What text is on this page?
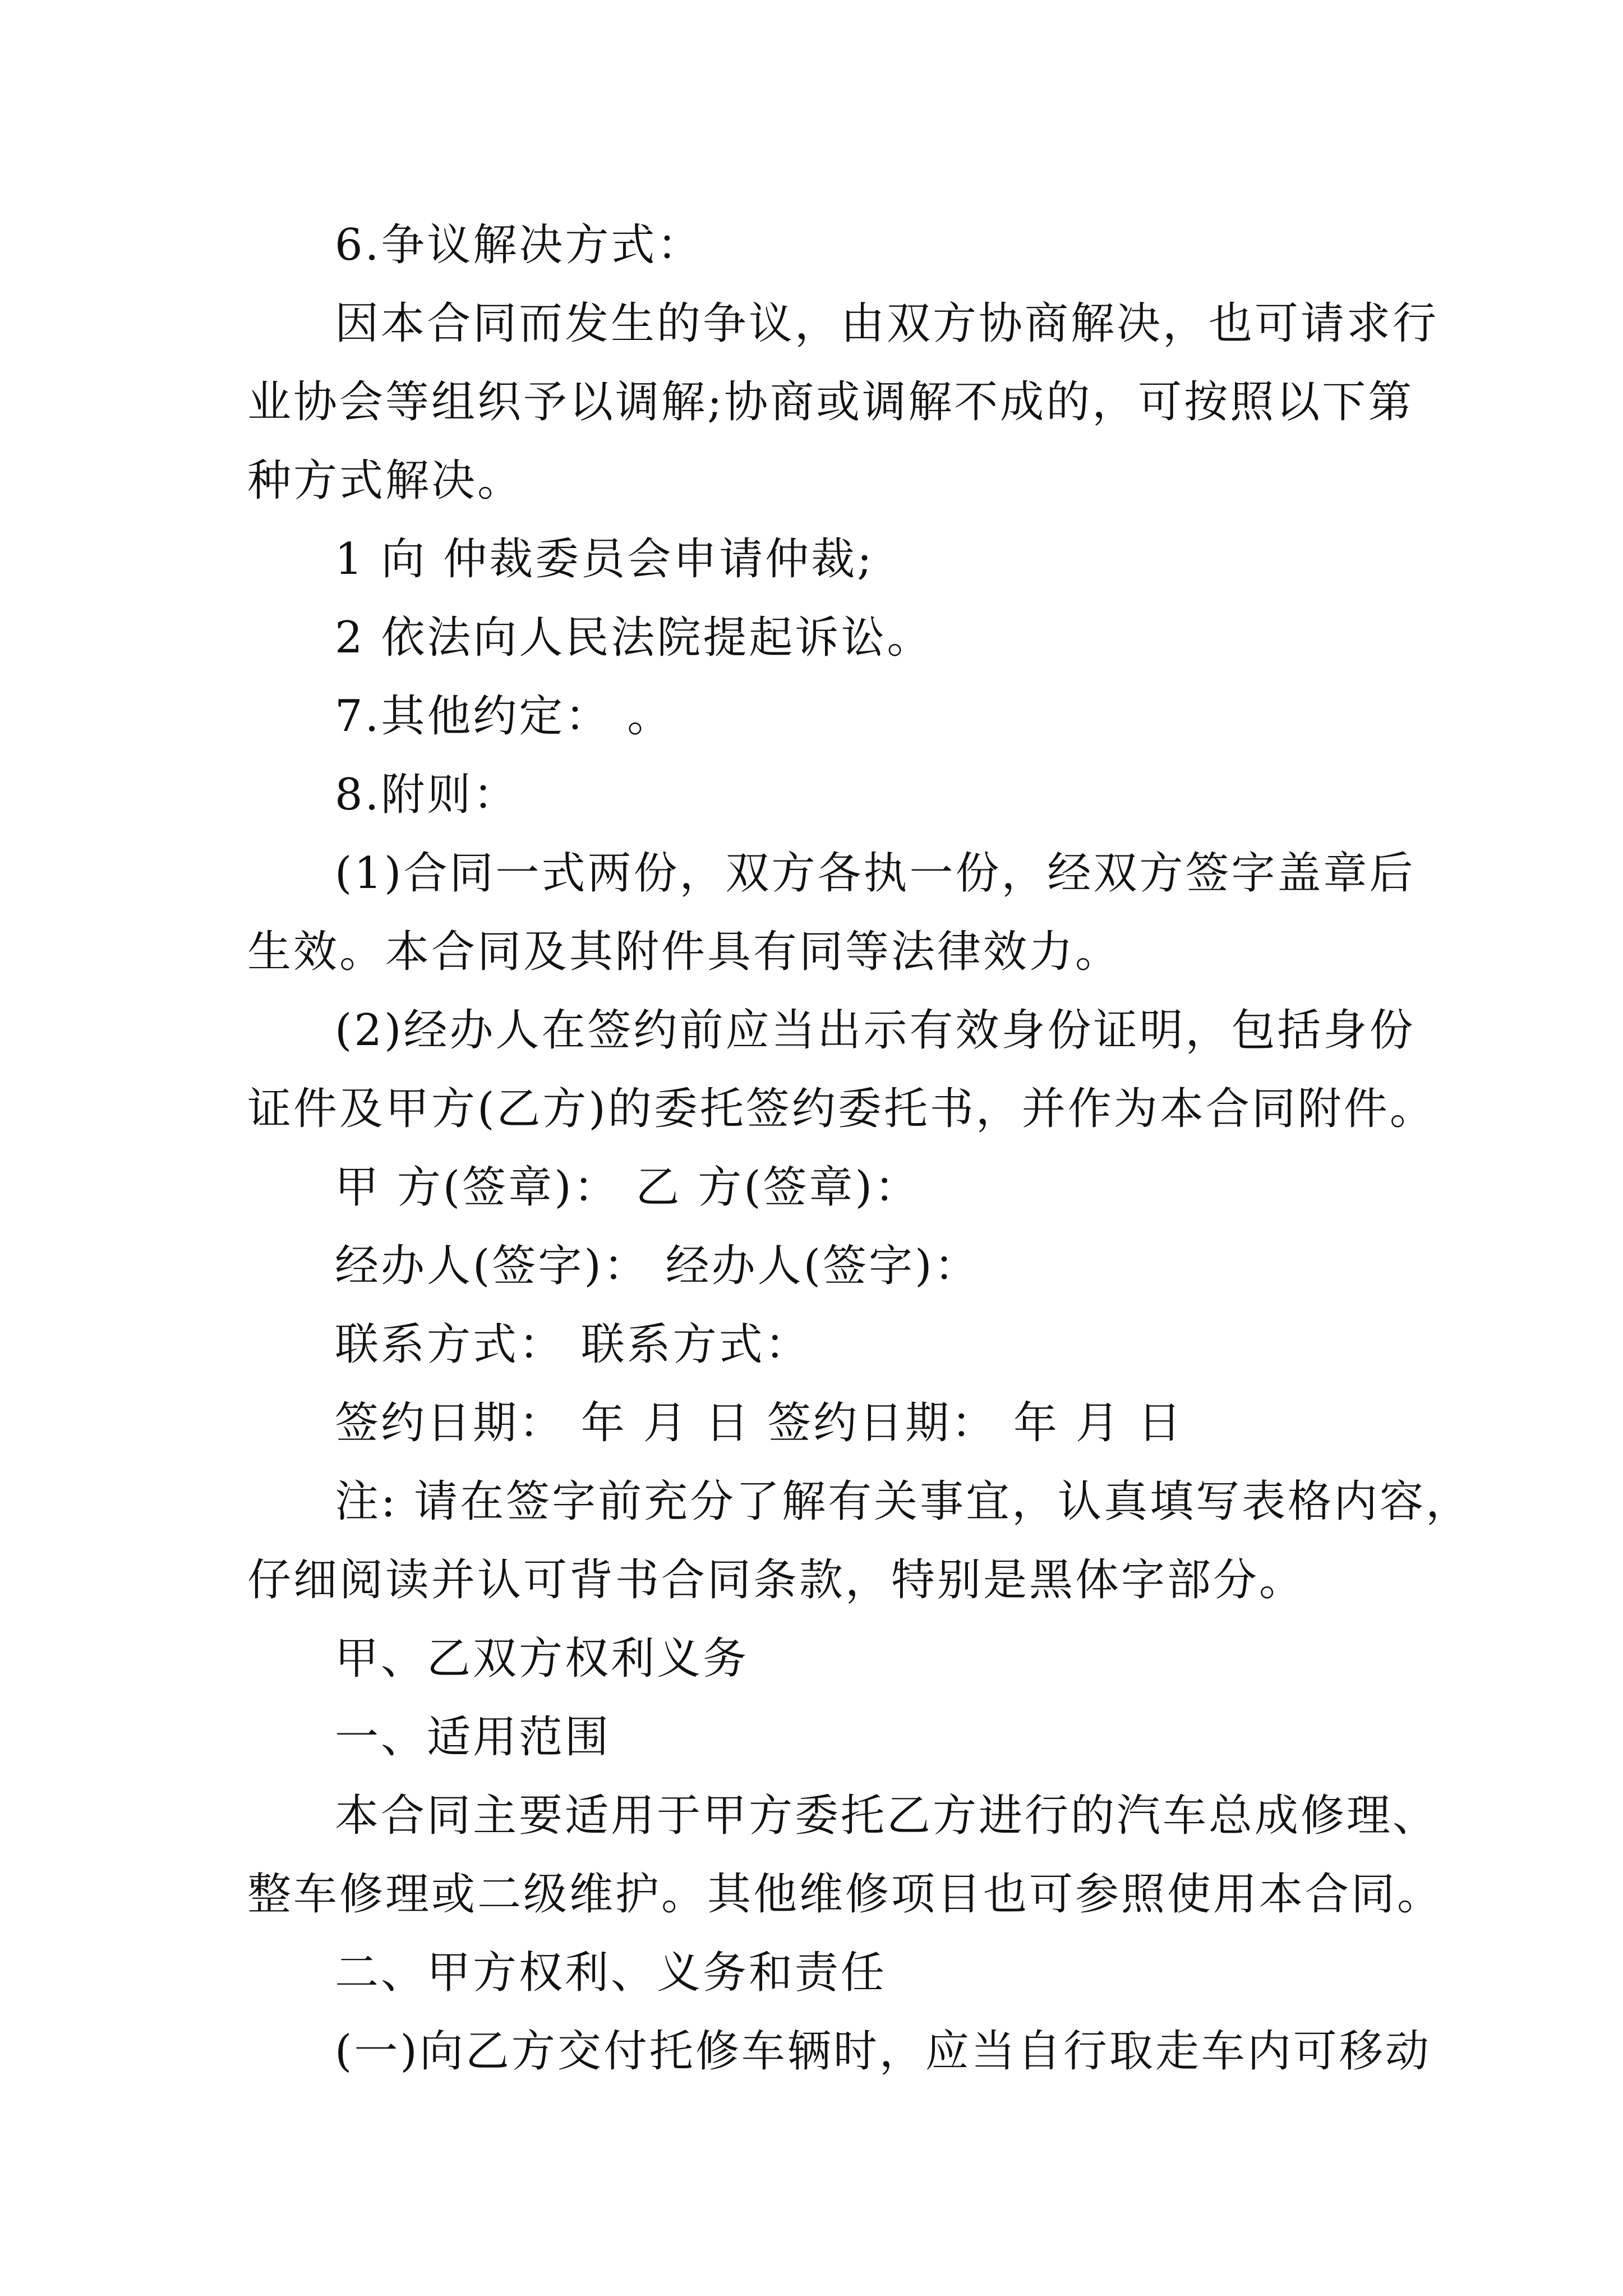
6.争议解决方式：
因本合同而发生的争议，由双方协商解决，也可请求行
业协会等组织予以调解;协商或调解不成的，可按照以下第
种方式解决。
1 向 仲裁委员会申请仲裁;
2 依法向人民法院提起诉讼。
7.其他约定： 。
8.附则：
(1)合同一式两份，双方各执一份，经双方签字盖章后
生效。本合同及其附件具有同等法律效力。
(2)经办人在签约前应当出示有效身份证明，包括身份
证件及甲方(乙方)的委托签约委托书，并作为本合同附件。
甲 方(签章)： 乙 方(签章)：
经办人(签字)： 经办人(签字)：
联系方式： 联系方式：
签约日期： 年 月 日 签约日期： 年 月 日
注: 请在签字前充分了解有关事宜，认真填写表格内容，
仔细阅读并认可背书合同条款，特别是黑体字部分。
甲、乙双方权利义务
一、适用范围
本合同主要适用于甲方委托乙方进行的汽车总成修理、
整车修理或二级维护。其他维修项目也可参照使用本合同。
二、甲方权利、义务和责任
(一)向乙方交付托修车辆时，应当自行取走车内可移动
